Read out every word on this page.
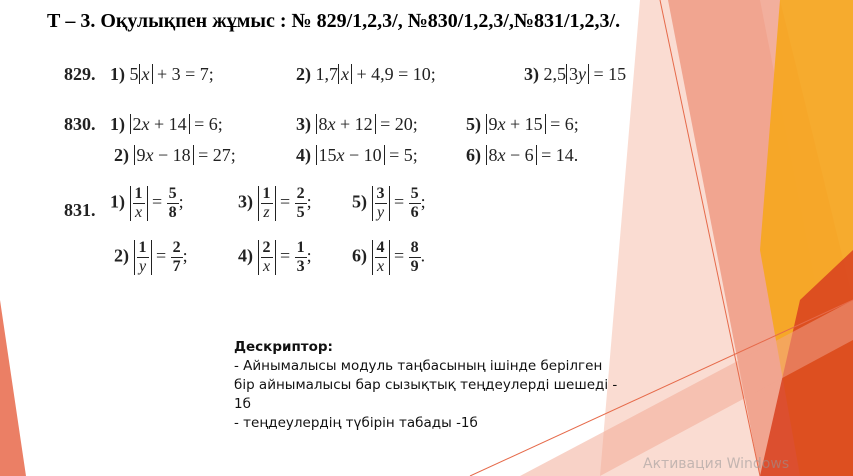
Т – 3. Оқулықпен жұмыс : № 829/1,2,3/, №830/1,2,3/,№831/1,2,3/.
829. 1) 5 x + 3 = 7;	2) 1,7 x + 4,9 = 10;	3) 2,5 3y = 15
830. 1) 2x + 14 = 6;
2) 9x − 18 = 27;
3) 8x + 12 = 20;
4) 15x − 10 = 5;
5) 9x + 15 = 6;
6) 8x − 6 = 14.
831. $1) \frac{1}{x} = \frac{5}{8}$ ;
$2) \frac{1}{y} = \frac{2}{7}$ ;
$3) \frac{1}{z} = \frac{2}{5}$ ;
$4) \frac{2}{x} = \frac{1}{3}$ ;
$5) \frac{3}{y} = \frac{5}{6}$ ;
$6) \frac{4}{x} = \frac{8}{9}$ .
Дескриптор:
- Айнымалысы модуль таңбасының ішінде берілген
бір айнымалысы бар сызықтық теңдеулерді шешеді -
1б
- теңдеулердің түбірін табады -1б
Активация Windows
